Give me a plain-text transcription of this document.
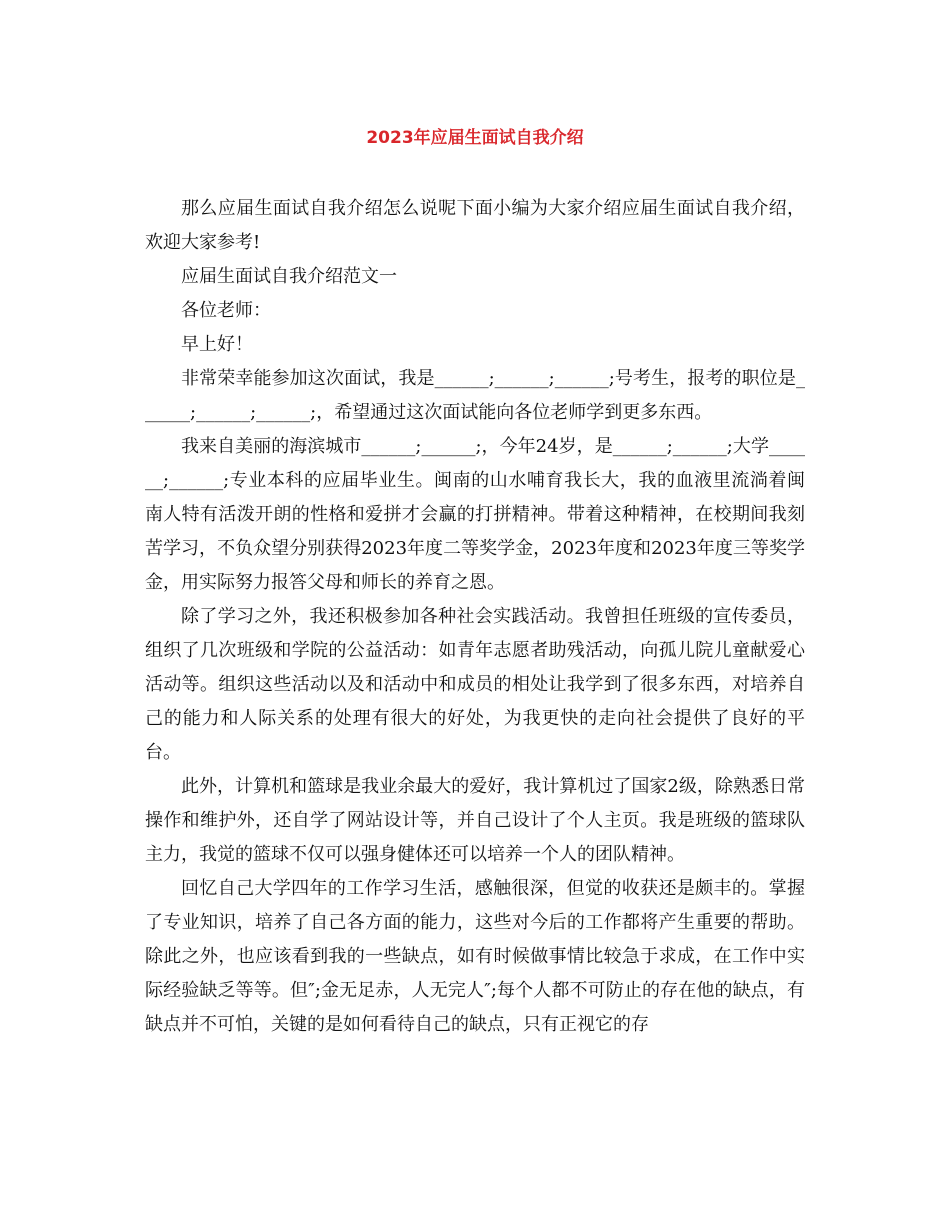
2023年应届生面试自我介绍

那么应届生面试自我介绍怎么说呢下面小编为大家介绍应届生面试自我介绍，欢迎大家参考!

应届生面试自我介绍范文一

各位老师：

早上好！

非常荣幸能参加这次面试，我是______;______;______;号考生，报考的职位是______;______;______;，希望通过这次面试能向各位老师学到更多东西。

我来自美丽的海滨城市______;______;，今年24岁，是______;______;大学______;______;专业本科的应届毕业生。闽南的山水哺育我长大，我的血液里流淌着闽南人特有活泼开朗的性格和爱拼才会赢的打拼精神。带着这种精神，在校期间我刻苦学习，不负众望分别获得2023年度二等奖学金，2023年度和2023年度三等奖学金，用实际努力报答父母和师长的养育之恩。

除了学习之外，我还积极参加各种社会实践活动。我曾担任班级的宣传委员，组织了几次班级和学院的公益活动：如青年志愿者助残活动，向孤儿院儿童献爱心活动等。组织这些活动以及和活动中和成员的相处让我学到了很多东西，对培养自己的能力和人际关系的处理有很大的好处，为我更快的走向社会提供了良好的平台。

此外，计算机和篮球是我业余最大的爱好，我计算机过了国家2级，除熟悉日常操作和维护外，还自学了网站设计等，并自己设计了个人主页。我是班级的篮球队主力，我觉的篮球不仅可以强身健体还可以培养一个人的团队精神。

回忆自己大学四年的工作学习生活，感触很深，但觉的收获还是颇丰的。掌握了专业知识，培养了自己各方面的能力，这些对今后的工作都将产生重要的帮助。除此之外，也应该看到我的一些缺点，如有时候做事情比较急于求成，在工作中实际经验缺乏等等。但″;金无足赤，人无完人″;每个人都不可防止的存在他的缺点，有缺点并不可怕，关键的是如何看待自己的缺点，只有正视它的存
